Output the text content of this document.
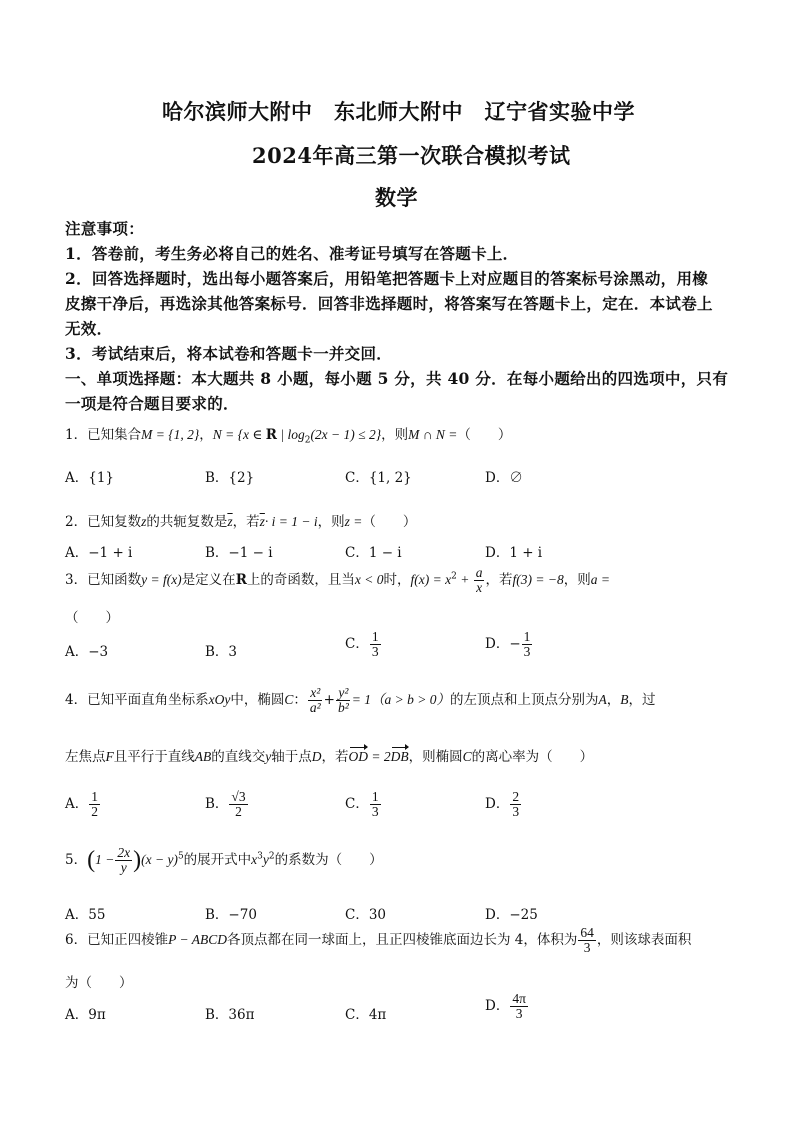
哈尔滨师大附中　东北师大附中　辽宁省实验中学
2024年高三第一次联合模拟考试
数学
注意事项：
1．答卷前，考生务必将自己的姓名、准考证号填写在答题卡上．
2．回答选择题时，选出每小题答案后，用铅笔把答题卡上对应题目的答案标号涂黑动，用橡
皮擦干净后，再选涂其他答案标号．回答非选择题时，将答案写在答题卡上，定在．本试卷上
无效．
3．考试结束后，将本试卷和答题卡一并交回．
一、单项选择题：本大题共 8 小题，每小题 5 分，共 40 分．在每小题给出的四选项中，只有
一项是符合题目要求的．
1．已知集合M = {1, 2}，N = {x ∈ R | $\log_2(2x - 1) \le 2$}，则M ∩ N =（　　）
A．{1}	B．{2}	C．{1, 2}	D．∅
2．已知复数z的共轭复数是$\overline{z}$，若$\overline{z}\cdot i = 1 - i$，则z =（　　）
A．−1 + i	B．−1 − i	C．1 − i	D．1 + i
3．已知函数y = f(x)是定义在R上的奇函数，且当x < 0时，$f(x) = x^2 + \frac{a}{x}$ ，若f(3) = −8，则a =
（　　）
A．−3	B．3	C． $\frac{1}{3}$	D．− $\frac{1}{3}$
4．已知平面直角坐标系xOy中，椭圆C： $\frac{\text{x²}}{\text{a²}} + \frac{\text{y²}}{\text{b²}} = 1(a > b > 0)$的左顶点和上顶点分别为A，B，过
左焦点F且平行于直线AB的直线交y轴于点D，若OD = 2DB，则椭圆C的离心率为（　　）
A． $\frac{1}{2}$	B． $\frac{√3}{2}$	C． $\frac{1}{3}$	D． $\frac{2}{3}$
5．$(1 - \frac{2x}{y} )(x - y)^5$的展开式中$x^3y^2$的系数为（　　）
A．55	B．−70	C．30	D．−25
6．已知正四棱锥P − ABCD各顶点都在同一球面上，且正四棱锥底面边长为 4，体积为 $\frac{64}{3}$ ，则该球表面积
为（　　）
A．9π	B．36π	C．4π
D． $\frac{4\pi}{3}$
